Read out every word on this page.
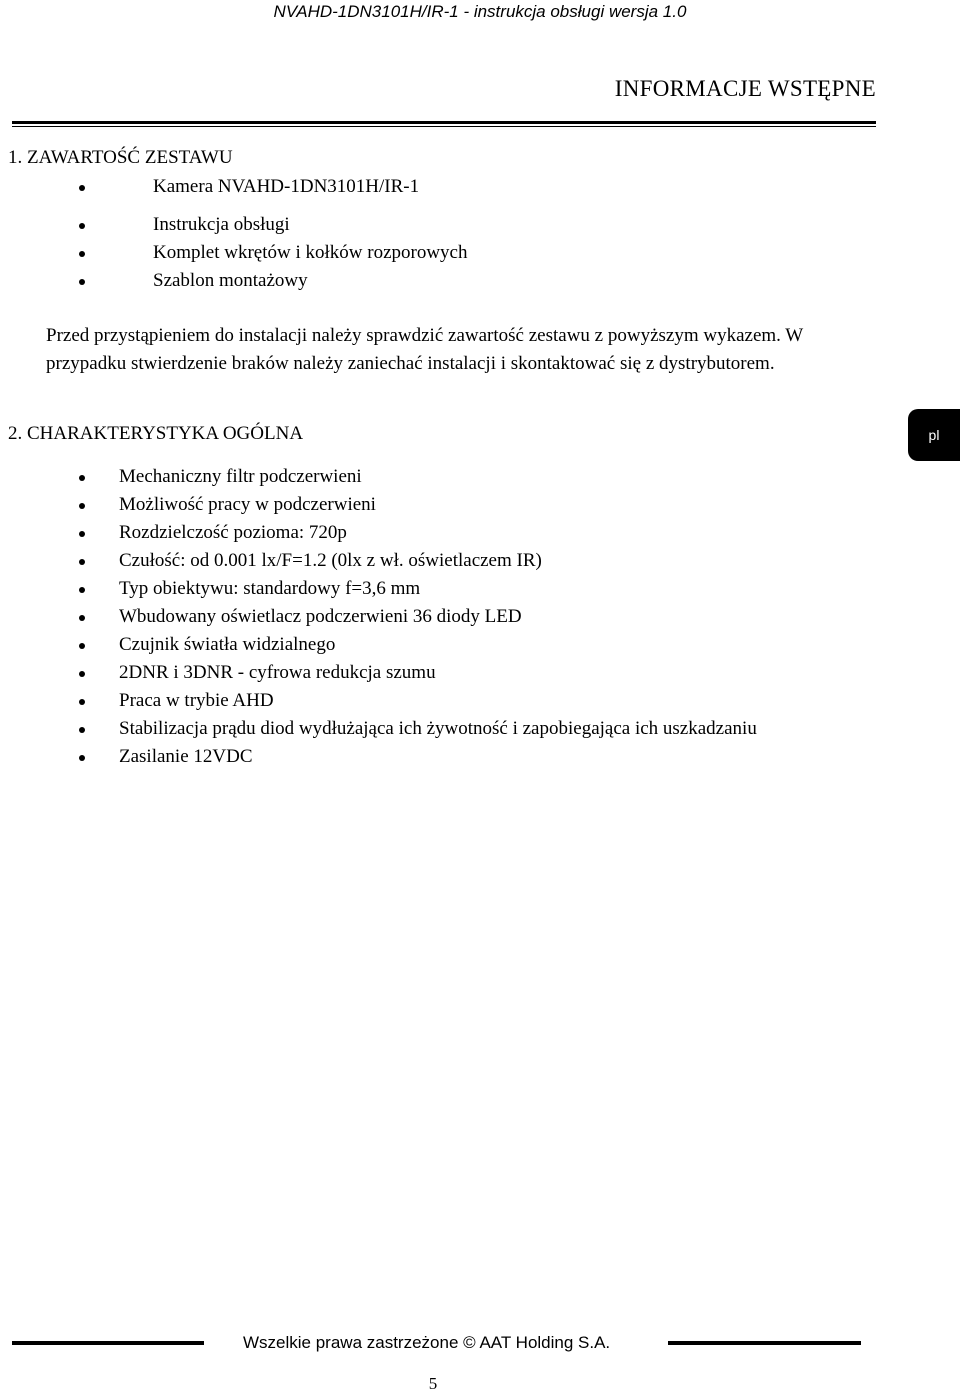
NVAHD-1DN3101H/IR-1 - instrukcja obsługi wersja 1.0
INFORMACJE WSTĘPNE
1. ZAWARTOŚĆ ZESTAWU
Kamera NVAHD-1DN3101H/IR-1
Instrukcja obsługi
Komplet wkrętów i kołków rozporowych
Szablon montażowy
Przed przystąpieniem do instalacji należy sprawdzić zawartość zestawu z powyższym wykazem. W przypadku stwierdzenie braków należy zaniechać instalacji i skontaktować się z dystrybutorem.
2. CHARAKTERYSTYKA OGÓLNA
Mechaniczny filtr podczerwieni
Możliwość pracy w podczerwieni
Rozdzielczość pozioma: 720p
Czułość: od 0.001 lx/F=1.2 (0lx z wł. oświetlaczem IR)
Typ obiektywu: standardowy f=3,6 mm
Wbudowany oświetlacz podczerwieni 36 diody LED
Czujnik światła widzialnego
2DNR i 3DNR - cyfrowa redukcja szumu
Praca w trybie AHD
Stabilizacja prądu diod wydłużająca ich żywotność i zapobiegająca ich uszkadzaniu
Zasilanie 12VDC
pl
Wszelkie prawa zastrzeżone © AAT Holding S.A.
5
